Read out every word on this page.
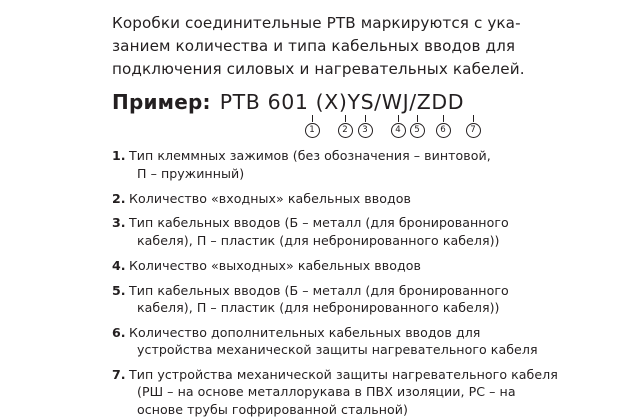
Коробки соединительные РТВ маркируются с ука-
занием количества и типа кабельных вводов для
подключения силовых и нагревательных кабелей.
Пример: РТВ 601 (Х)YS/WJ/ZDD
1	2	3	4	5	6	7
1. Тип клеммных зажимов (без обозначения – винтовой,
П – пружинный)
2. Количество «входных» кабельных вводов
3. Тип кабельных вводов (Б – металл (для бронированного
кабеля), П – пластик (для небронированного кабеля))
4. Количество «выходных» кабельных вводов
5. Тип кабельных вводов (Б – металл (для бронированного
кабеля), П – пластик (для небронированного кабеля))
6. Количество дополнительных кабельных вводов для
устройства механической защиты нагревательного кабеля
7. Тип устройства механической защиты нагревательного кабеля
(РШ – на основе металлорукава в ПВХ изоляции, РС – на
основе трубы гофрированной стальной)
